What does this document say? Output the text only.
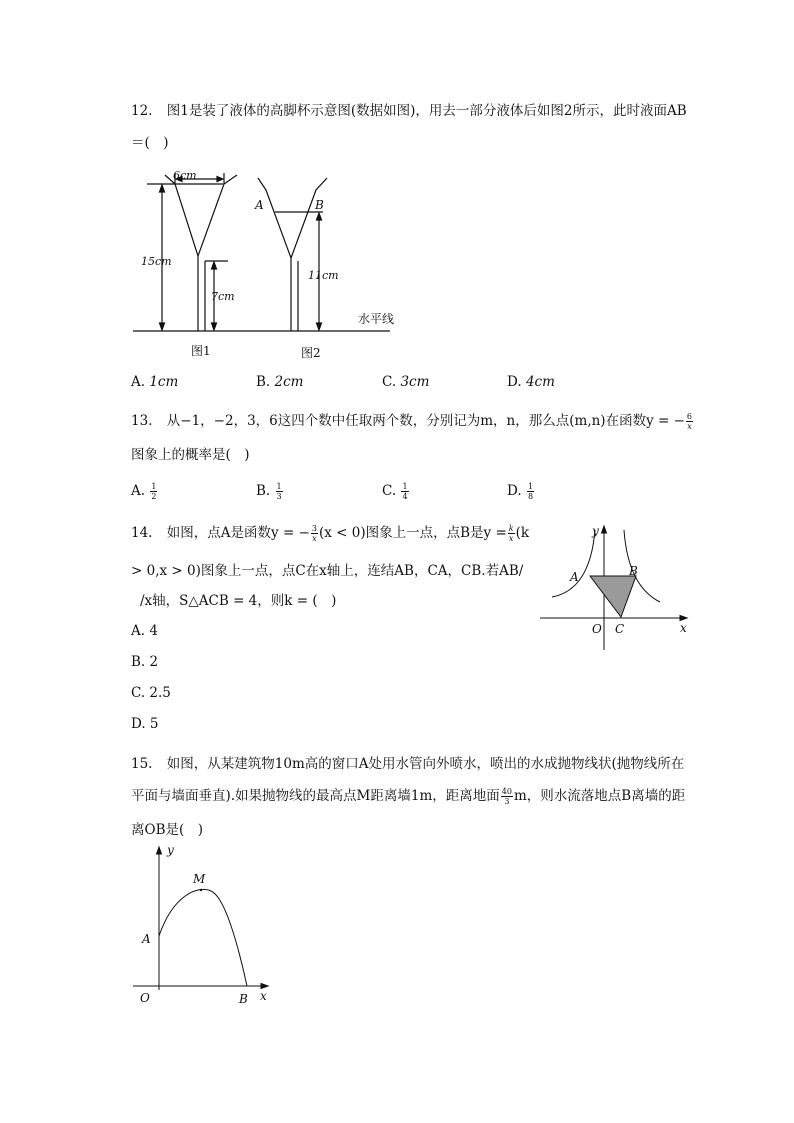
12. 图1是装了液体的高脚杯示意图(数据如图)，用去一部分液体后如图2所示，此时液面AB
＝(　)
6cm
15cm
7cm
A	B
11cm
水平线
图1	图2
A. 1cm	B. 2cm	C. 3cm	D. 4cm
13. 从−1，−2，3，6这四个数中任取两个数，分别记为m，n，那么点(m,n)在函数y = − $\frac{6}{x}$
图象上的概率是(　)
A. $\frac{1}{2}$	B. $\frac{1}{3}$	C. $\frac{1}{4}$	D. $\frac{1}{8}$
14. 如图，点A是函数y = − $\frac{3}{x} (x < 0)$图象上一点，点B是$y = \frac{k}{x} (k$
> 0,x > 0)图象上一点，点C在x轴上，连结AB，CA，CB.若AB/
/x轴，S△ACB = 4，则k = (　)
A. 4
B. 2
C. 2.5
D. 5
y
x
O
A	B
C
15. 如图，从某建筑物10m高的窗口A处用水管向外喷水，喷出的水成抛物线状(抛物线所在
平面与墙面垂直).如果抛物线的最高点M距离墙1m，距离地面 $\frac{40}{3}$ m，则水流落地点B离墙的距
离OB是(　)
y
x
O
A
B
M
